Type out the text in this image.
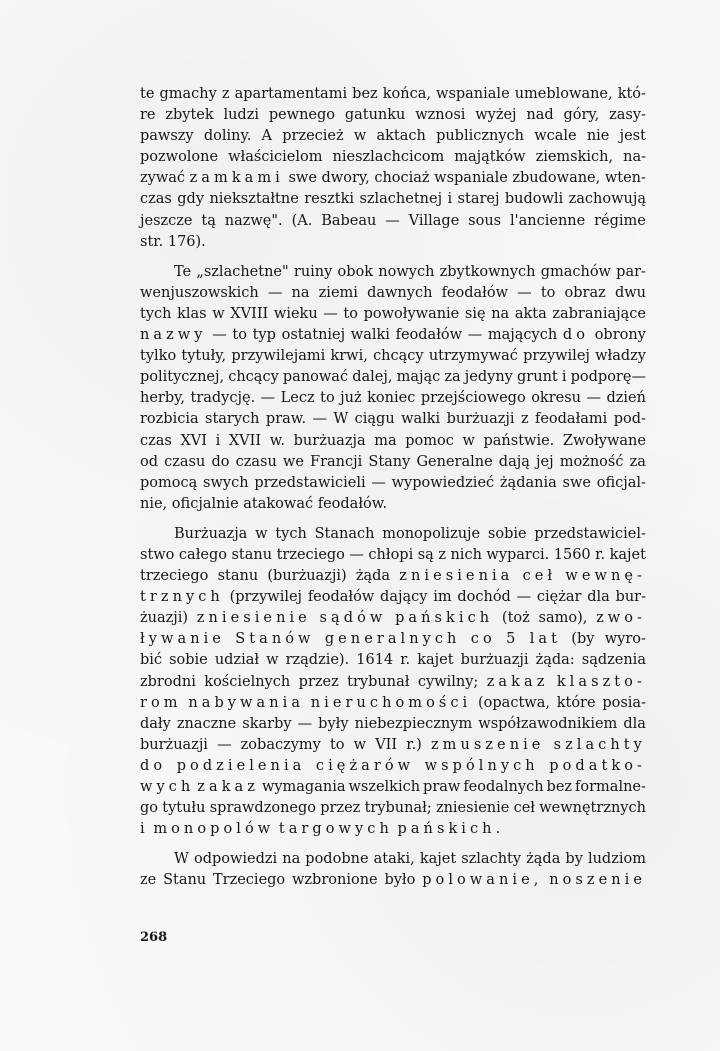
te gmachy z apartamentami bez końca, wspaniale umeblowane, któ-
re zbytek ludzi pewnego gatunku wznosi wyżej nad góry, zasy-
pawszy doliny. A przecież w aktach publicznych wcale nie jest
pozwolone właścicielom nieszlachcicom majątków ziemskich, na-
zywać zamkami swe dwory, chociaż wspaniale zbudowane, wten-
czas gdy niekształtne resztki szlachetnej i starej budowli zachowują
jeszcze tą nazwę". (A. Babeau — Village sous l'ancienne régime
str. 176).
Te „szlachetne" ruiny obok nowych zbytkownych gmachów par-
wenjuszowskich — na ziemi dawnych feodałów — to obraz dwu
tych klas w XVIII wieku — to powoływanie się na akta zabraniające
nazwy — to typ ostatniej walki feodałów — mających do obrony
tylko tytuły, przywilejami krwi, chcący utrzymywać przywilej władzy
politycznej, chcący panować dalej, mając za jedyny grunt i podporę—
herby, tradycję. — Lecz to już koniec przejściowego okresu — dzień
rozbicia starych praw. — W ciągu walki burżuazji z feodałami pod-
czas XVI i XVII w. burżuazja ma pomoc w państwie. Zwoływane
od czasu do czasu we Francji Stany Generalne dają jej możność za
pomocą swych przedstawicieli — wypowiedzieć żądania swe oficjal-
nie, oficjalnie atakować feodałów.
Burżuazja w tych Stanach monopolizuje sobie przedstawiciel-
stwo całego stanu trzeciego — chłopi są z nich wyparci. 1560 r. kajet
trzeciego stanu (burżuazji) żąda zniesienia ceł wewnę-
trznych (przywilej feodałów dający im dochód — ciężar dla bur-
żuazji) zniesienie sądów pańskich (toż samo), zwo-
ływanie Stanów generalnych co 5 lat (by wyro-
bić sobie udział w rządzie). 1614 r. kajet burżuazji żąda: sądzenia
zbrodni kościelnych przez trybunał cywilny; zakaz klaszto-
rom nabywania nieruchomości (opactwa, które posia-
dały znaczne skarby — były niebezpiecznym współzawodnikiem dla
burżuazji — zobaczymy to w VII r.) zmuszenie szlachty
do podzielenia ciężarów wspólnych podatko-
wych zakaz wymagania wszelkich praw feodalnych bez formalne-
go tytułu sprawdzonego przez trybunał; zniesienie ceł wewnętrznych
i monopolów targowych pańskich.
W odpowiedzi na podobne ataki, kajet szlachty żąda by ludziom
ze Stanu Trzeciego wzbronione było polowanie, noszenie
268
